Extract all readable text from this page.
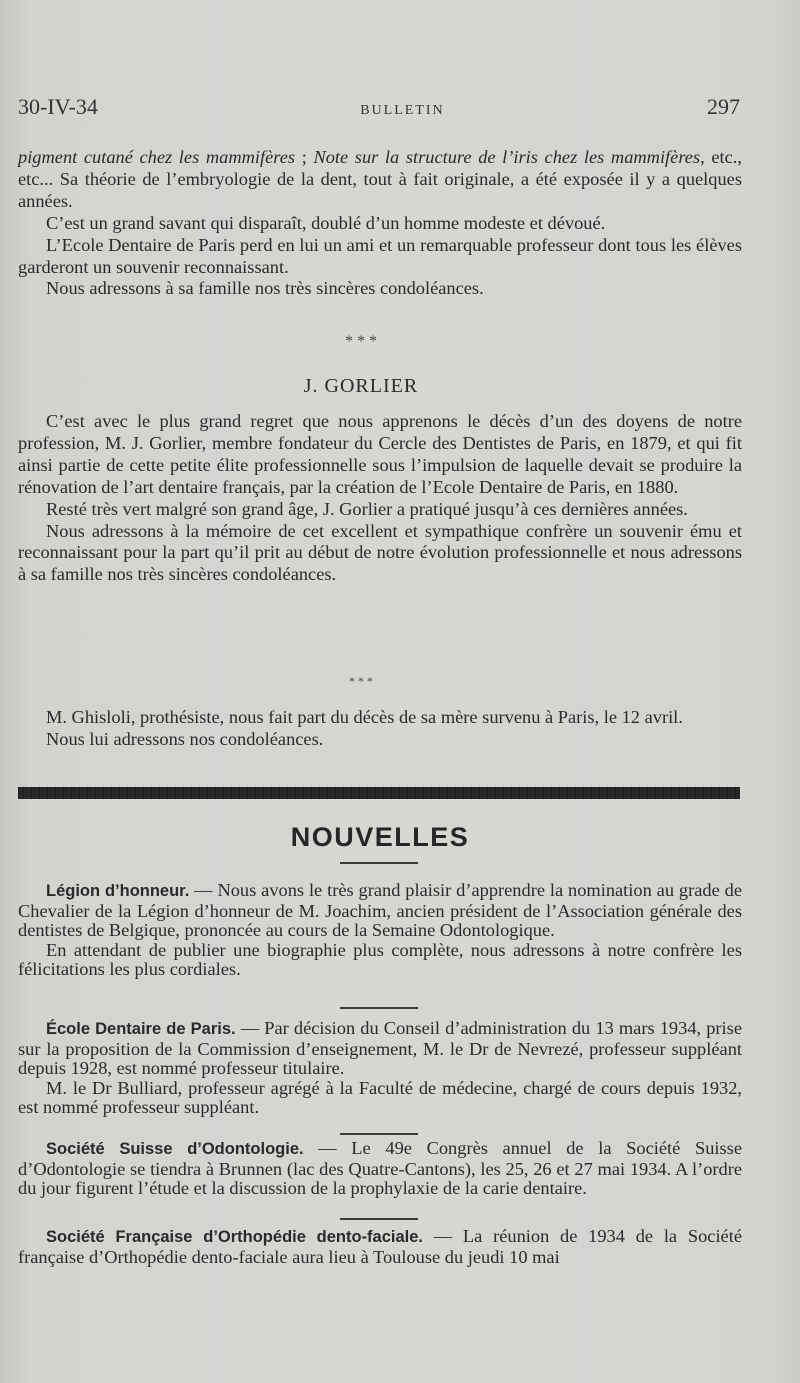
30-IV-34	BULLETIN	297

pigment cutané chez les mammifères ; Note sur la structure de l’iris chez les mammifères, etc., etc... Sa théorie de l’embryologie de la dent, tout à fait originale, a été exposée il y a quelques années.

C’est un grand savant qui disparaît, doublé d’un homme modeste et dévoué.

L’Ecole Dentaire de Paris perd en lui un ami et un remarquable professeur dont tous les élèves garderont un souvenir reconnaissant.

Nous adressons à sa famille nos très sincères condoléances.

* * *
J. GORLIER

C’est avec le plus grand regret que nous apprenons le décès d’un des doyens de notre profession, M. J. Gorlier, membre fondateur du Cercle des Dentistes de Paris, en 1879, et qui fit ainsi partie de cette petite élite professionnelle sous l’impulsion de laquelle devait se produire la rénovation de l’art dentaire français, par la création de l’Ecole Dentaire de Paris, en 1880.

Resté très vert malgré son grand âge, J. Gorlier a pratiqué jusqu’à ces dernières années.

Nous adressons à la mémoire de cet excellent et sympathique confrère un souvenir ému et reconnaissant pour la part qu’il prit au début de notre évolution professionnelle et nous adressons à sa famille nos très sincères condoléances.

* * *

M. Ghisloli, prothésiste, nous fait part du décès de sa mère survenu à Paris, le 12 avril.

Nous lui adressons nos condoléances.

NOUVELLES

Légion d’honneur. — Nous avons le très grand plaisir d’apprendre la nomination au grade de Chevalier de la Légion d’honneur de M. Joachim, ancien président de l’Association générale des dentistes de Belgique, prononcée au cours de la Semaine Odontologique.

En attendant de publier une biographie plus complète, nous adressons à notre confrère les félicitations les plus cordiales.

École Dentaire de Paris. — Par décision du Conseil d’administration du 13 mars 1934, prise sur la proposition de la Commission d’enseignement, M. le Dr de Nevrezé, professeur suppléant depuis 1928, est nommé professeur titulaire.

M. le Dr Bulliard, professeur agrégé à la Faculté de médecine, chargé de cours depuis 1932, est nommé professeur suppléant.

Société Suisse d’Odontologie. — Le 49e Congrès annuel de la Société Suisse d’Odontologie se tiendra à Brunnen (lac des Quatre-Cantons), les 25, 26 et 27 mai 1934. A l’ordre du jour figurent l’étude et la discussion de la prophylaxie de la carie dentaire.

Société Française d’Orthopédie dento-faciale. — La réunion de 1934 de la Société française d’Orthopédie dento-faciale aura lieu à Toulouse du jeudi 10 mai
